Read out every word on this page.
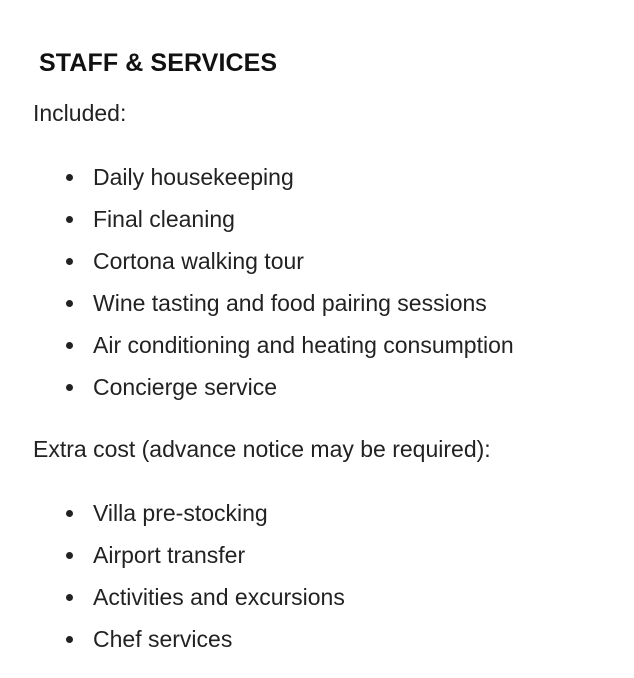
STAFF & SERVICES

Included:

Daily housekeeping
Final cleaning
Cortona walking tour
Wine tasting and food pairing sessions
Air conditioning and heating consumption
Concierge service

Extra cost (advance notice may be required):

Villa pre-stocking
Airport transfer
Activities and excursions
Chef services
